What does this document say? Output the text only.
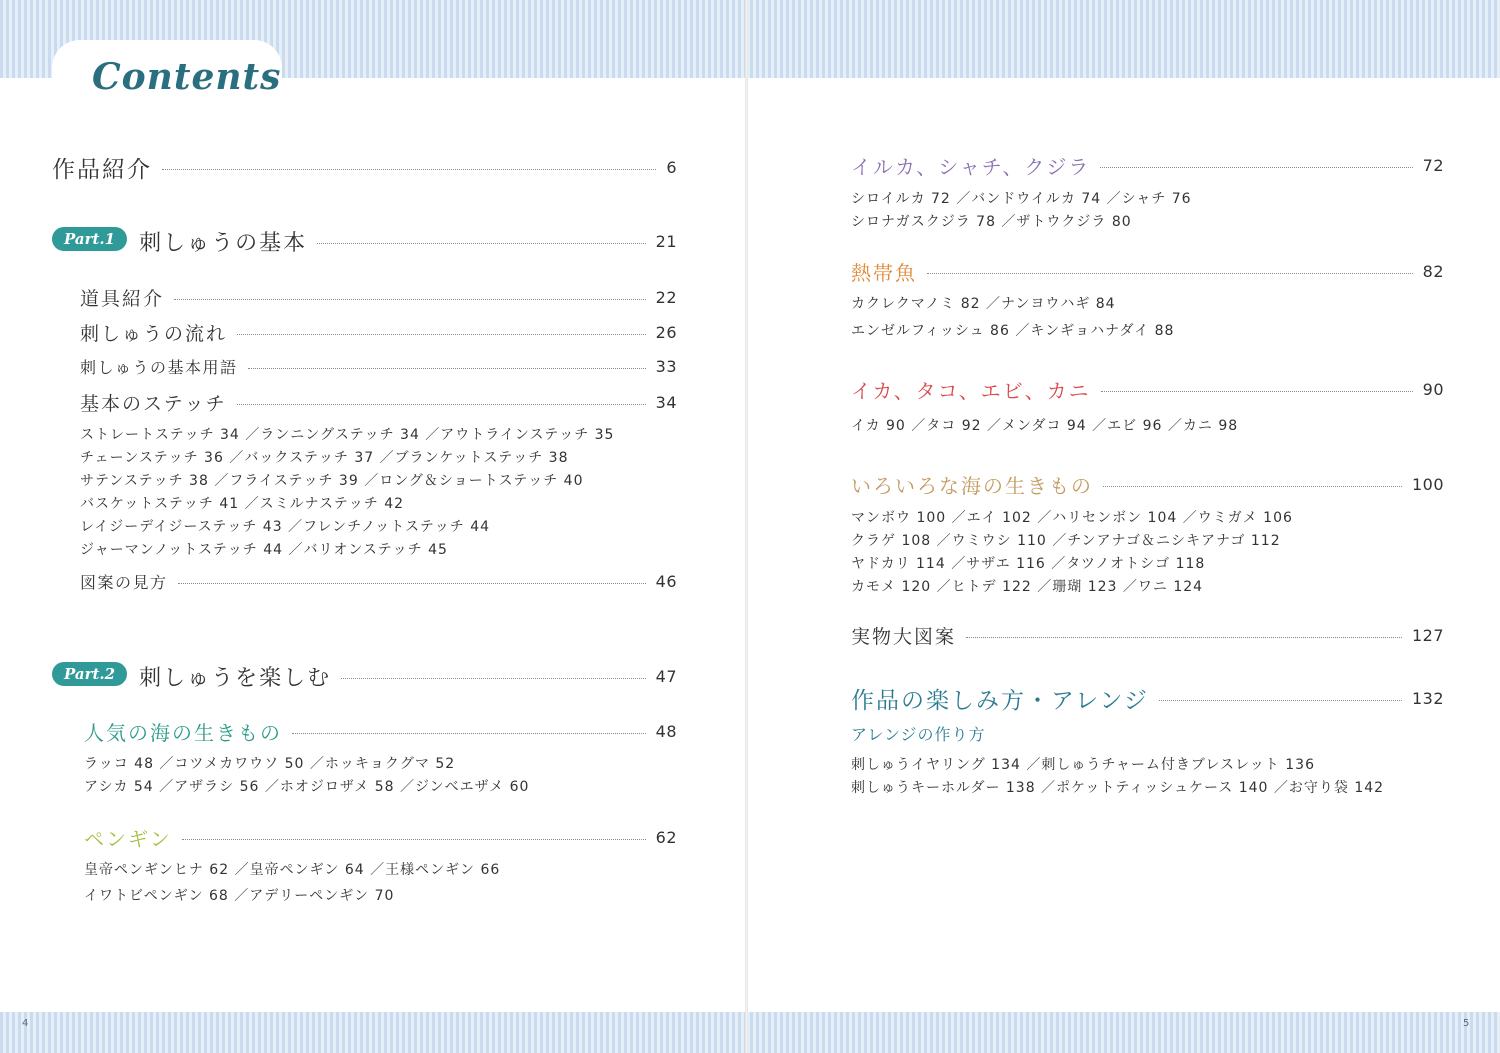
Contents
作品紹介	6
Part.1	刺しゅうの基本	21
道具紹介	22
刺しゅうの流れ	26
刺しゅうの基本用語	33
基本のステッチ	34
ストレートステッチ 34 ／ランニングステッチ 34 ／アウトラインステッチ 35
チェーンステッチ 36 ／バックステッチ 37 ／ブランケットステッチ 38
サテンステッチ 38 ／フライステッチ 39 ／ロング＆ショートステッチ 40
バスケットステッチ 41 ／スミルナステッチ 42
レイジーデイジーステッチ 43 ／フレンチノットステッチ 44
ジャーマンノットステッチ 44 ／バリオンステッチ 45
図案の見方	46
Part.2	刺しゅうを楽しむ	47
人気の海の生きもの	48
ラッコ 48 ／コツメカワウソ 50 ／ホッキョクグマ 52
アシカ 54 ／アザラシ 56 ／ホオジロザメ 58 ／ジンベエザメ 60
ペンギン	62
皇帝ペンギンヒナ 62 ／皇帝ペンギン 64 ／王様ペンギン 66
イワトビペンギン 68 ／アデリーペンギン 70
4
イルカ、シャチ、クジラ	72
シロイルカ 72 ／バンドウイルカ 74 ／シャチ 76
シロナガスクジラ 78 ／ザトウクジラ 80
熱帯魚	82
カクレクマノミ 82 ／ナンヨウハギ 84
エンゼルフィッシュ 86 ／キンギョハナダイ 88
イカ、タコ、エビ、カニ	90
イカ 90 ／タコ 92 ／メンダコ 94 ／エビ 96 ／カニ 98
いろいろな海の生きもの	100
マンボウ 100 ／エイ 102 ／ハリセンボン 104 ／ウミガメ 106
クラゲ 108 ／ウミウシ 110 ／チンアナゴ＆ニシキアナゴ 112
ヤドカリ 114 ／サザエ 116 ／タツノオトシゴ 118
カモメ 120 ／ヒトデ 122 ／珊瑚 123 ／ワニ 124
実物大図案	127
作品の楽しみ方・アレンジ	132
アレンジの作り方
刺しゅうイヤリング 134 ／刺しゅうチャーム付きブレスレット 136
刺しゅうキーホルダー 138 ／ポケットティッシュケース 140 ／お守り袋 142
5
